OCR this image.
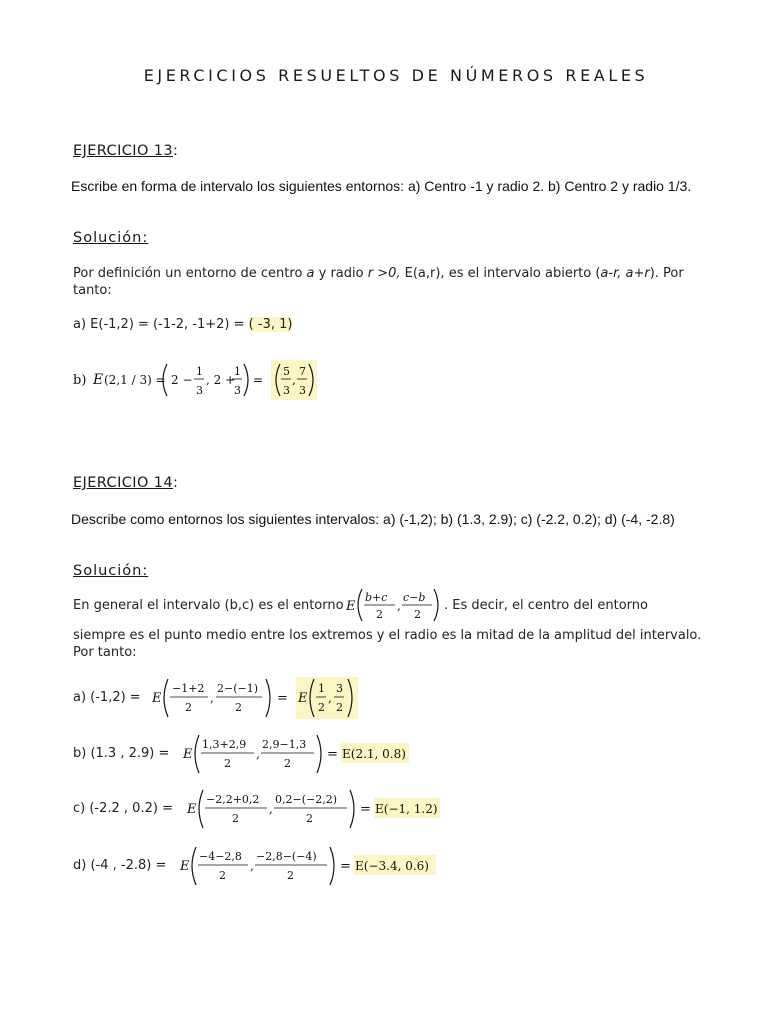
EJERCICIOS RESUELTOS DE NÚMEROS REALES
EJERCICIO 13:
Escribe en forma de intervalo los siguientes entornos: a) Centro -1 y radio 2. b) Centro 2 y radio 1/3.
Solución:
Por definición un entorno de centro a y radio r >0, E(a,r), es el intervalo abierto (a-r, a+r). Por tanto:
a) E(-1,2) = (-1-2, -1+2) = ( -3, 1)
b) E (2,1 / 3) = 2 −
1
3
, 2 +
1
3
=
5
3
,
7
3
EJERCICIO 14:
Describe como entornos los siguientes intervalos: a) (-1,2); b) (1.3, 2.9); c) (-2.2, 0.2); d) (-4, -2.8)
Solución:
En general el intervalo (b,c) es el entorno E
b+c
2
,
c−b
2
. Es decir, el centro del entorno
siempre es el punto medio entre los extremos y el radio es la mitad de la amplitud del intervalo. Por tanto:
a) (-1,2) = E
−1+2
2
,
2−(−1)
2
= E
1
2
,
3
2
b) (1.3 , 2.9) = E
1,3+2,9
2
,
2,9−1,3
2
= E(2.1, 0.8)
c) (-2.2 , 0.2) = E
−2,2+0,2
2
,
0,2−(−2,2)
2
= E(−1, 1.2)
d) (-4 , -2.8) = E
−4−2,8
2
,
−2,8−(−4)
2
= E(−3.4, 0.6)
